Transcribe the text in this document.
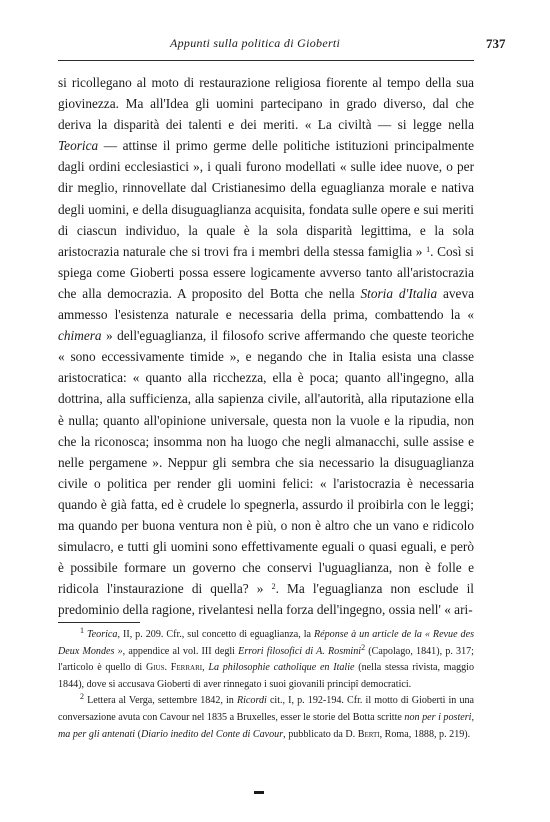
Appunti sulla politica di Gioberti	737

si ricollegano al moto di restaurazione religiosa fiorente al tempo della sua giovinezza. Ma all'Idea gli uomini partecipano in grado diverso, dal che deriva la disparità dei talenti e dei meriti. « La civiltà — si legge nella Teorica — attinse il primo germe delle politiche istituzioni principalmente dagli ordini ecclesiastici », i quali furono modellati « sulle idee nuove, o per dir meglio, rinnovellate dal Cristianesimo della eguaglianza morale e nativa degli uomini, e della disuguaglianza acquisita, fondata sulle opere e sui meriti di ciascun individuo, la quale è la sola disparità legittima, e la sola aristocrazia naturale che si trovi fra i membri della stessa famiglia » $^1$. Così si spiega come Gioberti possa essere logicamente avverso tanto all'aristocrazia che alla democrazia. A proposito del Botta che nella Storia d'Italia aveva ammesso l'esistenza naturale e necessaria della prima, combattendo la « chimera » dell'eguaglianza, il filosofo scrive affermando che queste teoriche « sono eccessivamente timide », e negando che in Italia esista una classe aristocratica: « quanto alla ricchezza, ella è poca; quanto all'ingegno, alla dottrina, alla sufficienza, alla sapienza civile, all'autorità, alla riputazione ella è nulla; quanto all'opinione universale, questa non la vuole e la ripudia, non che la riconosca; insomma non ha luogo che negli almanacchi, sulle assise e nelle pergamene ». Neppur gli sembra che sia necessario la disuguaglianza civile o politica per render gli uomini felici: « l'aristocrazia è necessaria quando è già fatta, ed è crudele lo spegnerla, assurdo il proibirla con le leggi; ma quando per buona ventura non è più, o non è altro che un vano e ridicolo simulacro, e tutti gli uomini sono effettivamente eguali o quasi eguali, e però è possibile formare un governo che conservi l'uguaglianza, non è folle e ridicola l'instaurazione di quella? » $^2$. Ma l'eguaglianza non esclude il predominio della ragione, rivelantesi nella forza dell'ingegno, ossia nell' « ari-

$^1$ Teorica, II, p. 209. Cfr., sul concetto di eguaglianza, la Réponse à un article de la « Revue des Deux Mondes », appendice al vol. III degli Errori filosofici di A. Rosmini$^2$ (Capolago, 1841), p. 317; l'articolo è quello di Gius. Ferrari, La philosophie catholique en Italie (nella stessa rivista, maggio 1844), dove si accusava Gioberti di aver rinnegato i suoi giovanili principî democratici.

$^2$ Lettera al Verga, settembre 1842, in Ricordi cit., I, p. 192-194. Cfr. il motto di Gioberti in una conversazione avuta con Cavour nel 1835 a Bruxelles, esser le storie del Botta scritte non per i posteri, ma per gli antenati (Diario inedito del Conte di Cavour, pubblicato da D. Berti, Roma, 1888, p. 219).

▬
